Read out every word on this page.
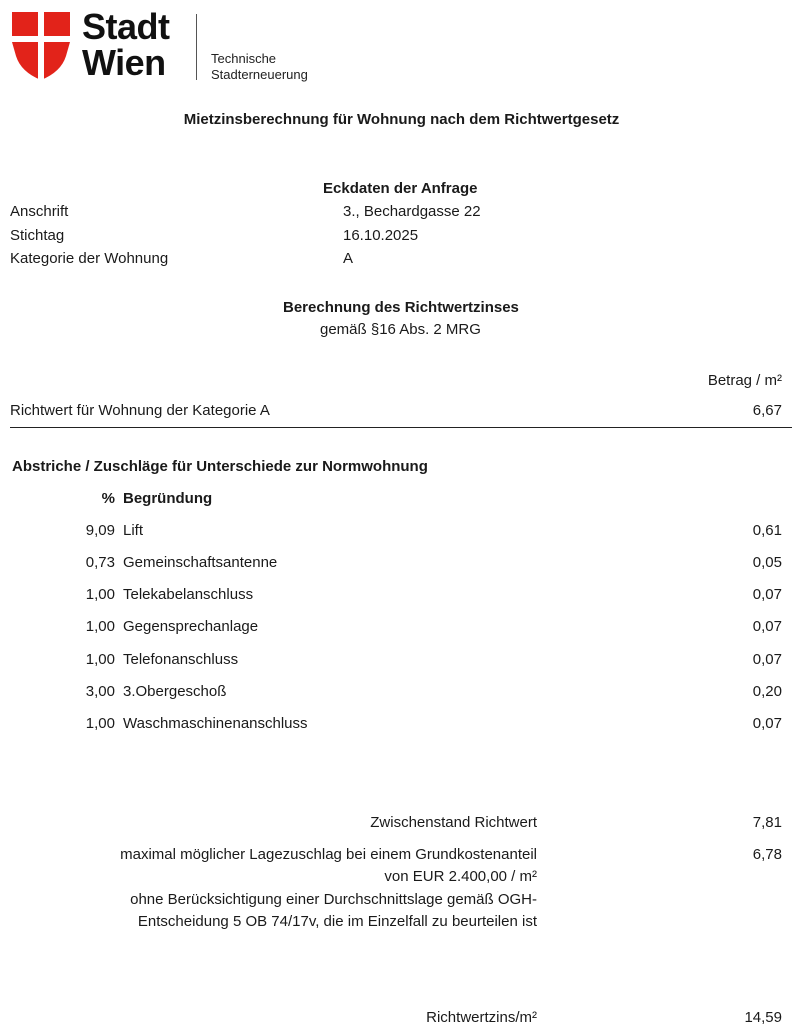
Stadt
Wien	Technische
Stadterneuerung
Mietzinsberechnung für Wohnung nach dem Richtwertgesetz
Eckdaten der Anfrage
Anschrift	3., Bechardgasse 22
Stichtag	16.10.2025
Kategorie der Wohnung	A
Berechnung des Richtwertzinses
gemäß §16 Abs. 2 MRG
Betrag / m²
Richtwert für Wohnung der Kategorie A	6,67
Abstriche / Zuschläge für Unterschiede zur Normwohnung
% Begründung
9,09 Lift	0,61
0,73 Gemeinschaftsantenne	0,05
1,00 Telekabelanschluss	0,07
1,00 Gegensprechanlage	0,07
1,00 Telefonanschluss	0,07
3,00 3.Obergeschoß	0,20
1,00 Waschmaschinenanschluss	0,07
Zwischenstand Richtwert	7,81
maximal möglicher Lagezuschlag bei einem Grundkostenanteil	6,78
von EUR 2.400,00 / m²
ohne Berücksichtigung einer Durchschnittslage gemäß OGH-
Entscheidung 5 OB 74/17v, die im Einzelfall zu beurteilen ist
Richtwertzins/m²	14,59
